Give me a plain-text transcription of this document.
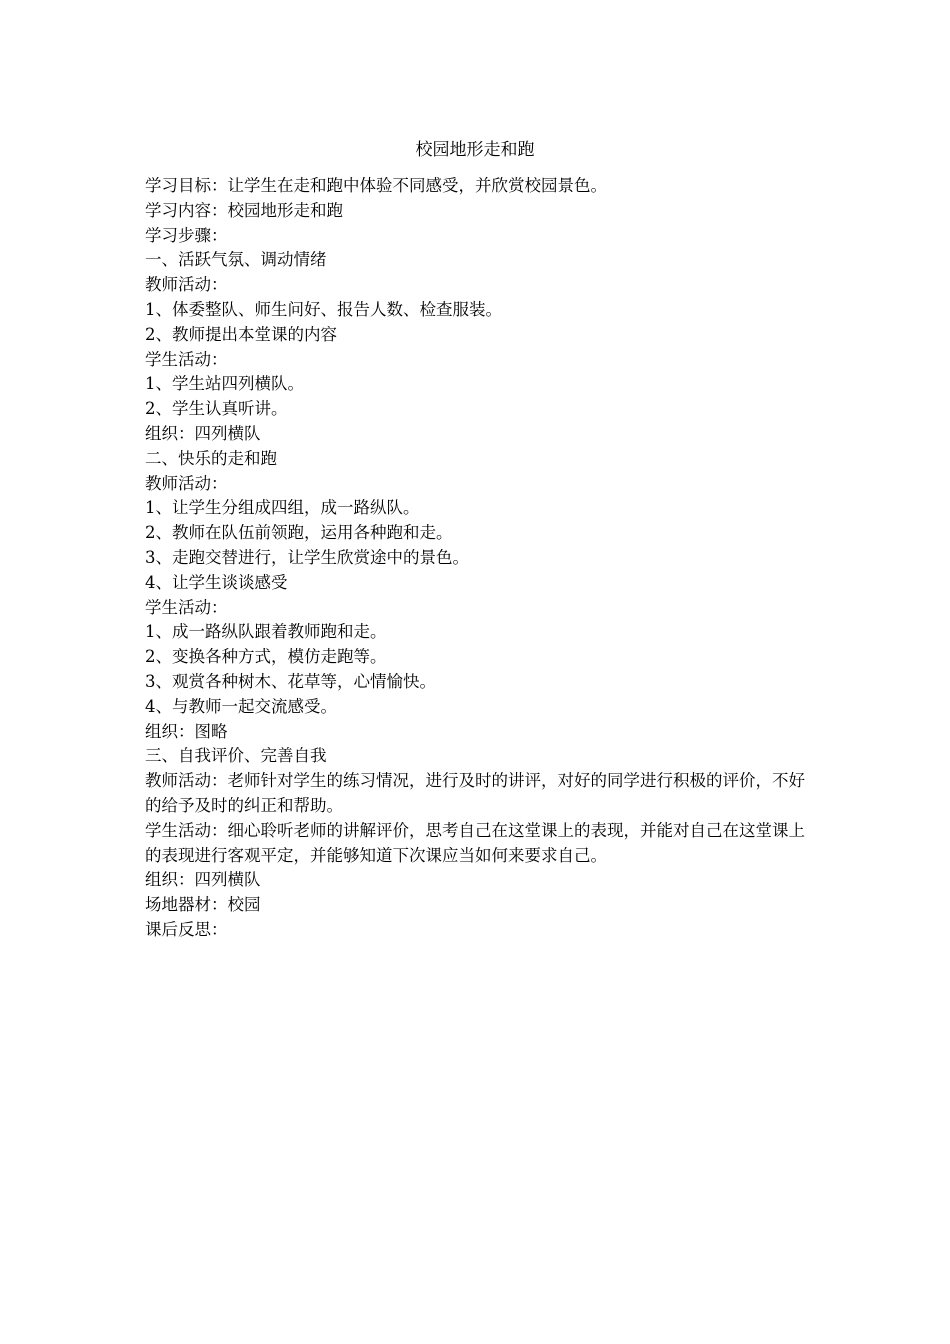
校园地形走和跑

学习目标：让学生在走和跑中体验不同感受，并欣赏校园景色。

学习内容：校园地形走和跑

学习步骤：

一、活跃气氛、调动情绪

教师活动：

1、体委整队、师生问好、报告人数、检查服装。

2、教师提出本堂课的内容

学生活动：

1、学生站四列横队。

2、学生认真听讲。

组织：四列横队

二、快乐的走和跑

教师活动：

1、让学生分组成四组，成一路纵队。

2、教师在队伍前领跑，运用各种跑和走。

3、走跑交替进行，让学生欣赏途中的景色。

4、让学生谈谈感受

学生活动：

1、成一路纵队跟着教师跑和走。

2、变换各种方式，模仿走跑等。

3、观赏各种树木、花草等，心情愉快。

4、与教师一起交流感受。

组织：图略

三、自我评价、完善自我

教师活动：老师针对学生的练习情况，进行及时的讲评，对好的同学进行积极的评价，不好的给予及时的纠正和帮助。

学生活动：细心聆听老师的讲解评价，思考自己在这堂课上的表现，并能对自己在这堂课上的表现进行客观平定，并能够知道下次课应当如何来要求自己。

组织：四列横队

场地器材：校园

课后反思：
